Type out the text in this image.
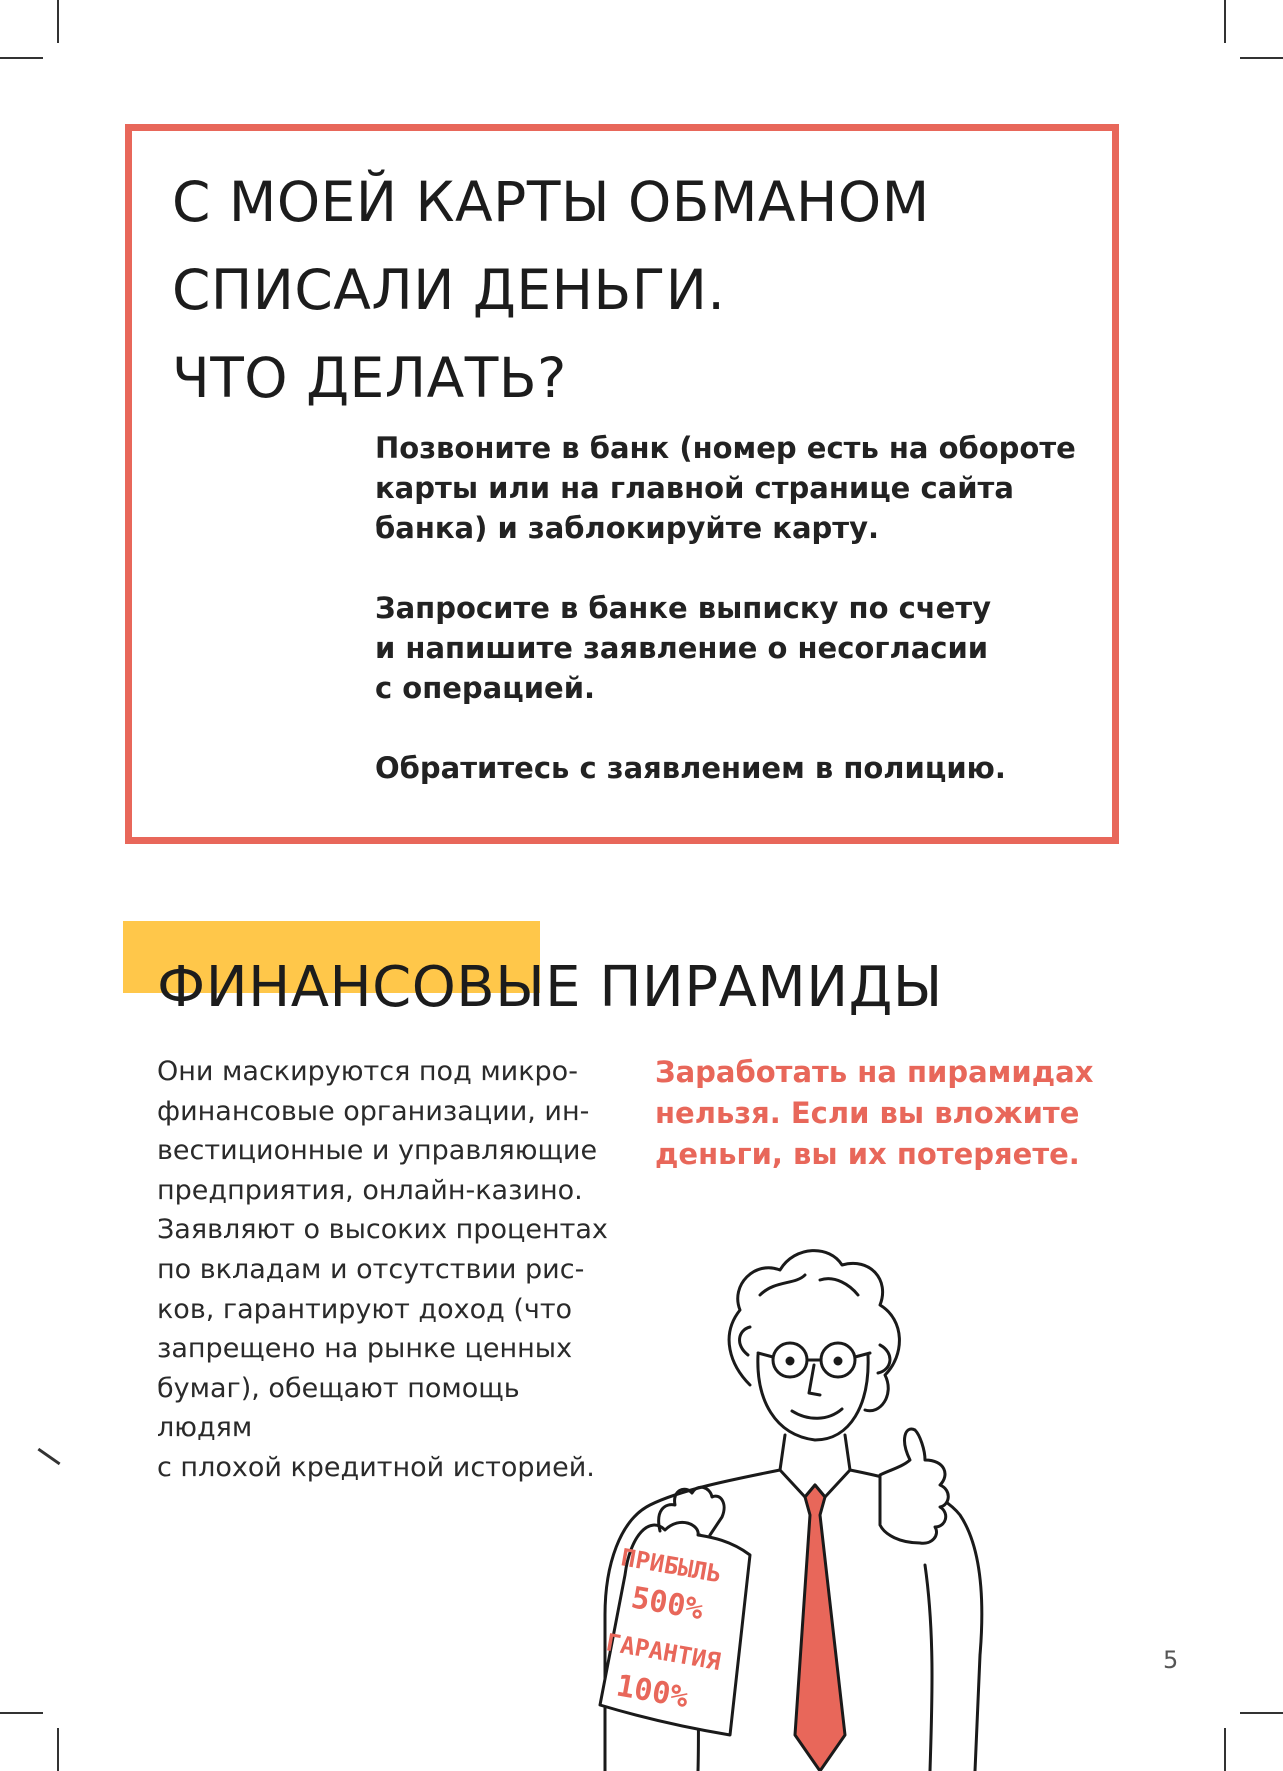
С МОЕЙ КАРТЫ ОБМАНОМ
СПИСАЛИ ДЕНЬГИ.
ЧТО ДЕЛАТЬ?

Позвоните в банк (номер есть на обороте
карты или на главной странице сайта
банка) и заблокируйте карту.

Запросите в банке выписку по счету
и напишите заявление о несогласии
с операцией.

Обратитесь с заявлением в полицию.

ФИНАНСОВЫЕ ПИРАМИДЫ

Они маскируются под микро-
финансовые организации, ин-
вестиционные и управляющие
предприятия, онлайн-казино.
Заявляют о высоких процентах
по вкладам и отсутствии рис-
ков, гарантируют доход (что
запрещено на рынке ценных
бумаг), обещают помощь людям
с плохой кредитной историей.

Заработать на пирамидах
нельзя. Если вы вложите
деньги, вы их потеряете.

ПРИБЫЛЬ
500%
ГАРАНТИЯ
100%
5
